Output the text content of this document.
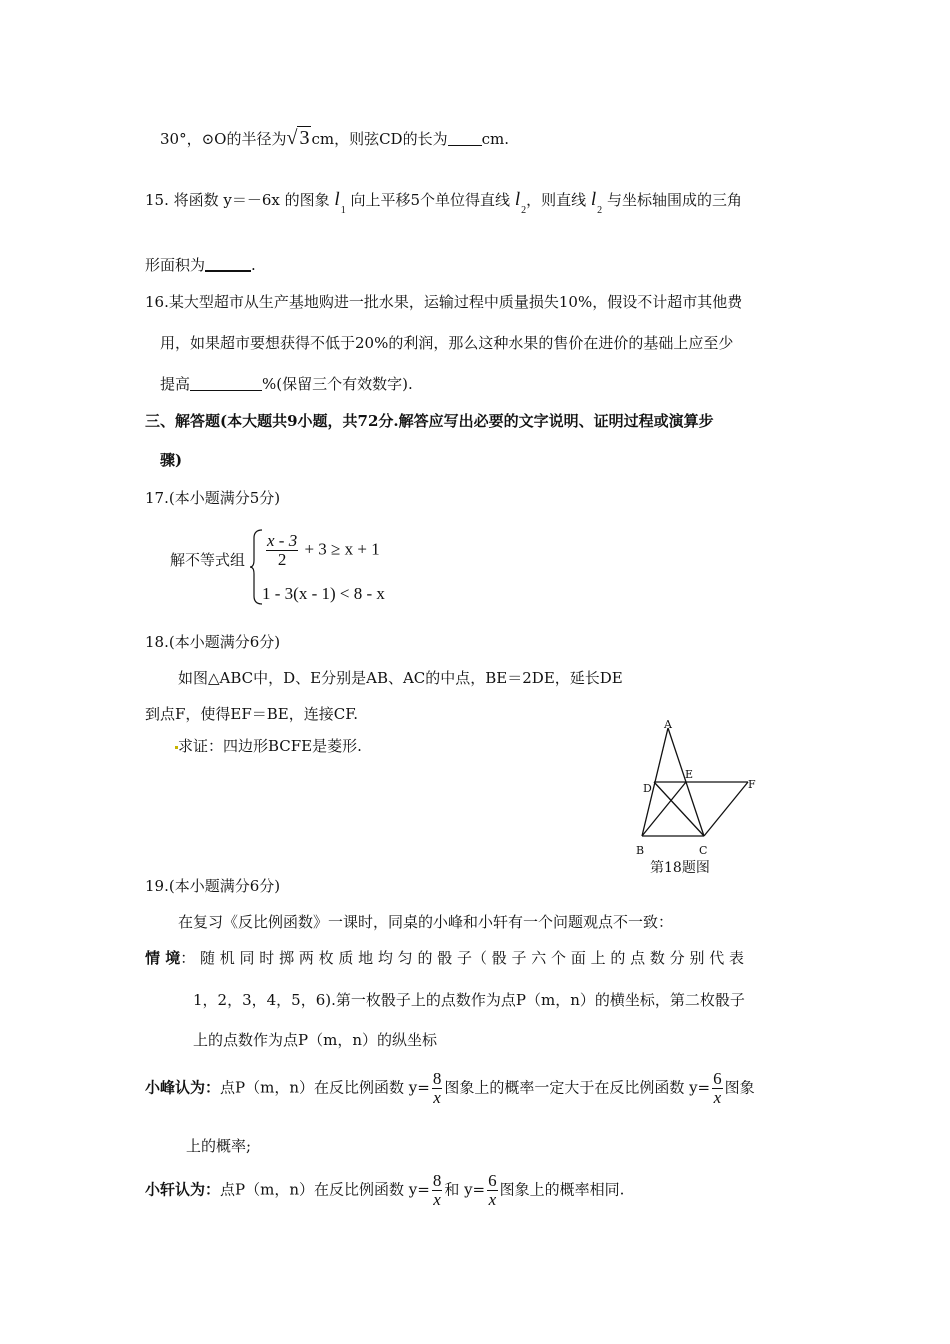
30°，⊙O的半径为√ 3 cm，则弦CD的长为 cm.
15. 将函数 y＝－6x 的图象 $l_1$ 向上平移5个单位得直线 $l_2$，则直线 $l_2$ 与坐标轴围成的三角
形面积为	.
16.某大型超市从生产基地购进一批水果，运输过程中质量损失10%，假设不计超市其他费
用，如果超市要想获得不低于20%的利润，那么这种水果的售价在进价的基础上应至少
提高	%(保留三个有效数字).
三、解答题(本大题共9小题，共72分.解答应写出必要的文字说明、证明过程或演算步
骤)
17.(本小题满分5分)
解不等式组 $\frac{x - 3}{2} + 3 \ge x + 1$
1 - 3(x - 1) < 8 - x
18.(本小题满分6分)
如图△ABC中，D、E分别是AB、AC的中点，BE＝2DE，延长DE
到点F，使得EF＝BE，连接CF.
求证：四边形BCFE是菱形.
A
D
E
F
B	C
第18题图
19.(本小题满分6分)
在复习《反比例函数》一课时，同桌的小峰和小轩有一个问题观点不一致：
情 境： 随 机 同 时 掷 两 枚 质 地 均 匀 的 骰 子（ 骰 子 六 个 面 上 的 点 数 分 别 代 表
1，2，3，4，5，6).第一枚骰子上的点数作为点P（m，n）的横坐标，第二枚骰子
上的点数作为点P（m，n）的纵坐标
小峰认为：点P（m，n）在反比例函数 $y= \frac{8}{x}$ 图象上的概率一定大于在反比例函数 $y= \frac{6}{x}$ 图象
上的概率;
小轩认为：点P（m，n）在反比例函数 $y= \frac{8}{x}$ 和 $y= \frac{6}{x}$ 图象上的概率相同.
